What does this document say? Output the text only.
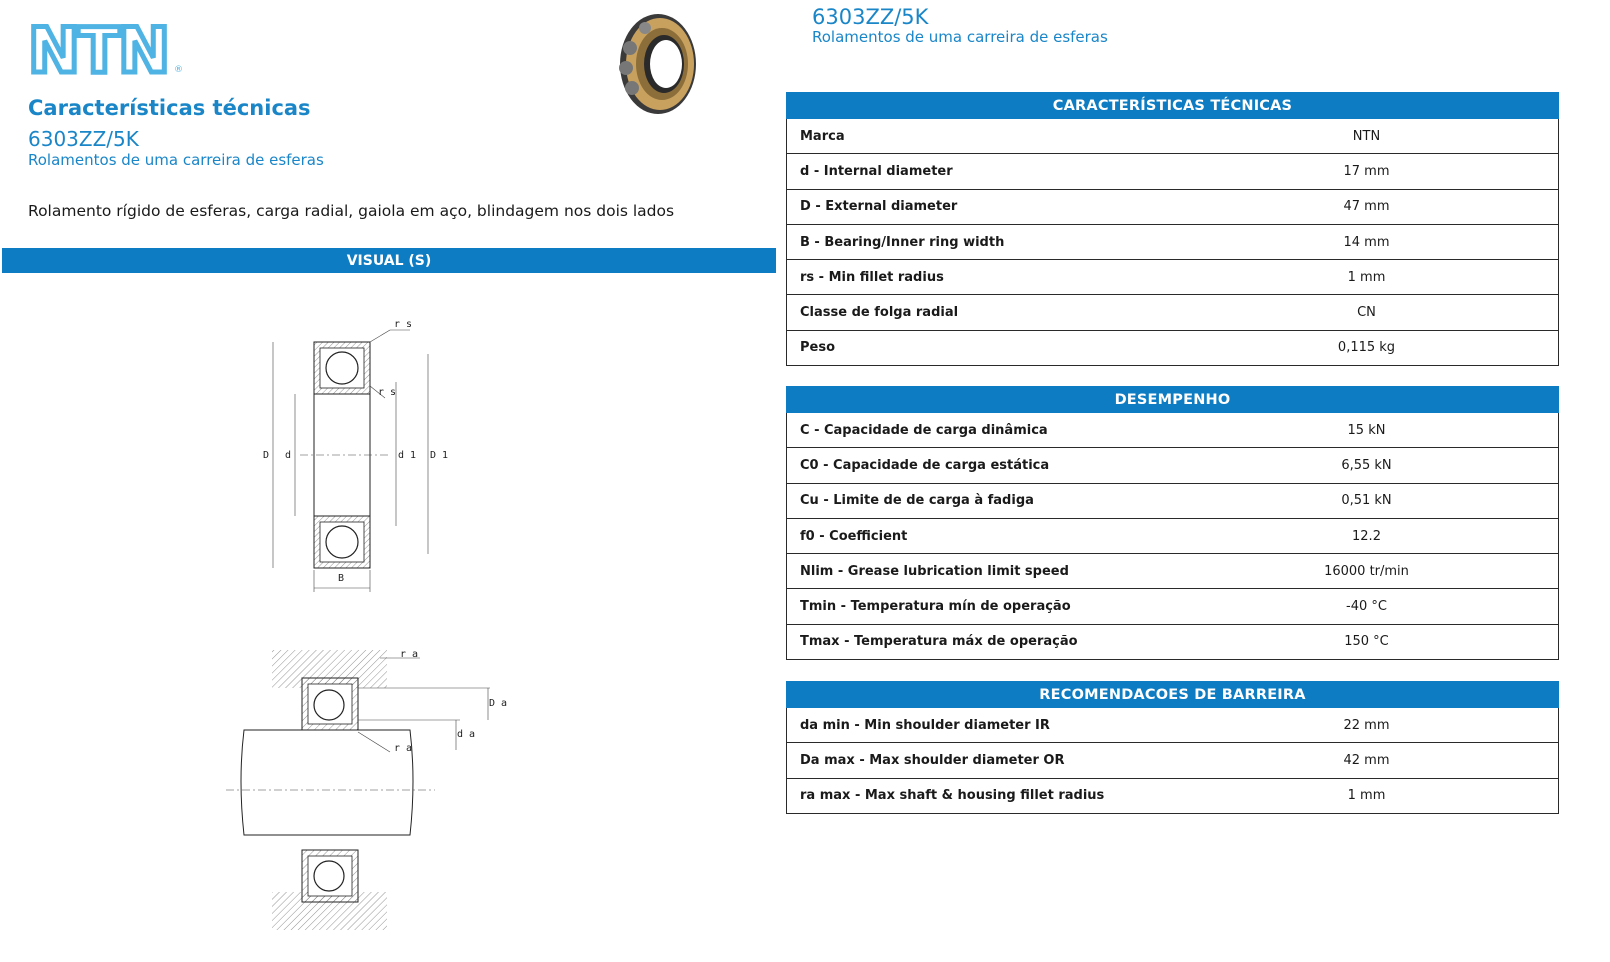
NTN ®
Características técnicas
6303ZZ/5K
Rolamentos de uma carreira de esferas
Rolamento rígido de esferas, carga radial, gaiola em aço, blindagem nos dois lados
6303ZZ/5K
Rolamentos de uma carreira de esferas
VISUAL (S)
r s
r s
D d	d 1 D 1
B
r a
r a
D a
d a
CARACTERÍSTICAS TÉCNICAS
Marca	NTN
d - Internal diameter	17 mm
D - External diameter	47 mm
B - Bearing/Inner ring width	14 mm
rs - Min fillet radius	1 mm
Classe de folga radial	CN
Peso	0,115 kg
DESEMPENHO
C - Capacidade de carga dinâmica	15 kN
C0 - Capacidade de carga estática	6,55 kN
Cu - Limite de de carga à fadiga	0,51 kN
f0 - Coefficient	12.2
Nlim - Grease lubrication limit speed	16000 tr/min
Tmin - Temperatura mín de operação	-40 °C
Tmax - Temperatura máx de operação	150 °C
RECOMENDACOES DE BARREIRA
da min - Min shoulder diameter IR	22 mm
Da max - Max shoulder diameter OR	42 mm
ra max - Max shaft & housing fillet radius	1 mm
